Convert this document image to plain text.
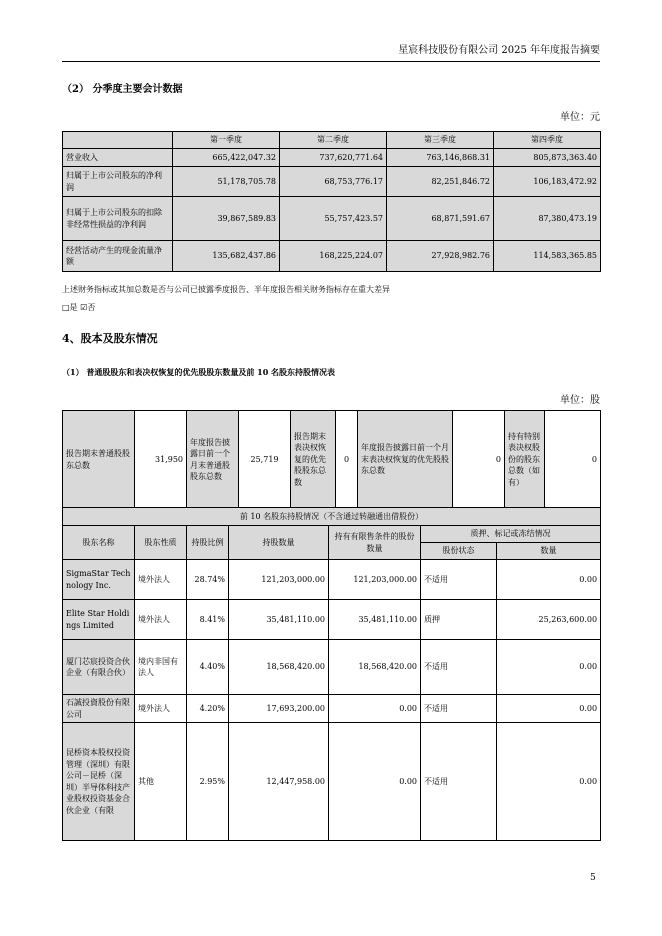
星宸科技股份有限公司 2025 年年度报告摘要
（2） 分季度主要会计数据
单位：元
	第一季度	第二季度	第三季度	第四季度
营业收入	665,422,047.32	737,620,771.64	763,146,868.31	805,873,363.40
归属于上市公司股东的净利润	51,178,705.78	68,753,776.17	82,251,846.72	106,183,472.92
归属于上市公司股东的扣除非经常性损益的净利润	39,867,589.83	55,757,423.57	68,871,591.67	87,380,473.19
经营活动产生的现金流量净额	135,682,437.86	168,225,224.07	27,928,982.76	114,583,365.85
上述财务指标或其加总数是否与公司已披露季度报告、半年度报告相关财务指标存在重大差异
□是 ☑否
4、股本及股东情况
（1） 普通股股东和表决权恢复的优先股股东数量及前 10 名股东持股情况表
单位：股
报告期末普通股股东总数	31,950	年度报告披露日前一个月末普通股股东总数	25,719	报告期末表决权恢复的优先股股东总数	0	年度报告披露日前一个月末表决权恢复的优先股股东总数	0	持有特别表决权股份的股东总数（如有）	0
前 10 名股东持股情况（不含通过转融通出借股份）						
股东名称	股东性质	持股比例	持股数量	持有有限售条件的股份数量	质押、标记或冻结情况	
					股份状态	数量
SigmaStar Technology Inc.	境外法人	28.74%	121,203,000.00	121,203,000.00	不适用	0.00
Elite Star Holdings Limited	境外法人	8.41%	35,481,110.00	35,481,110.00	质押	25,263,600.00
厦门芯宸投资合伙企业（有限合伙）	境内非国有法人	4.40%	18,568,420.00	18,568,420.00	不适用	0.00
石誠投資股份有限公司	境外法人	4.20%	17,693,200.00	0.00	不适用	0.00
昆桥资本股权投资管理（深圳）有限公司－昆桥（深圳）半导体科技产业股权投资基金合伙企业（有限	其他	2.95%	12,447,958.00	0.00	不适用	0.00
5
